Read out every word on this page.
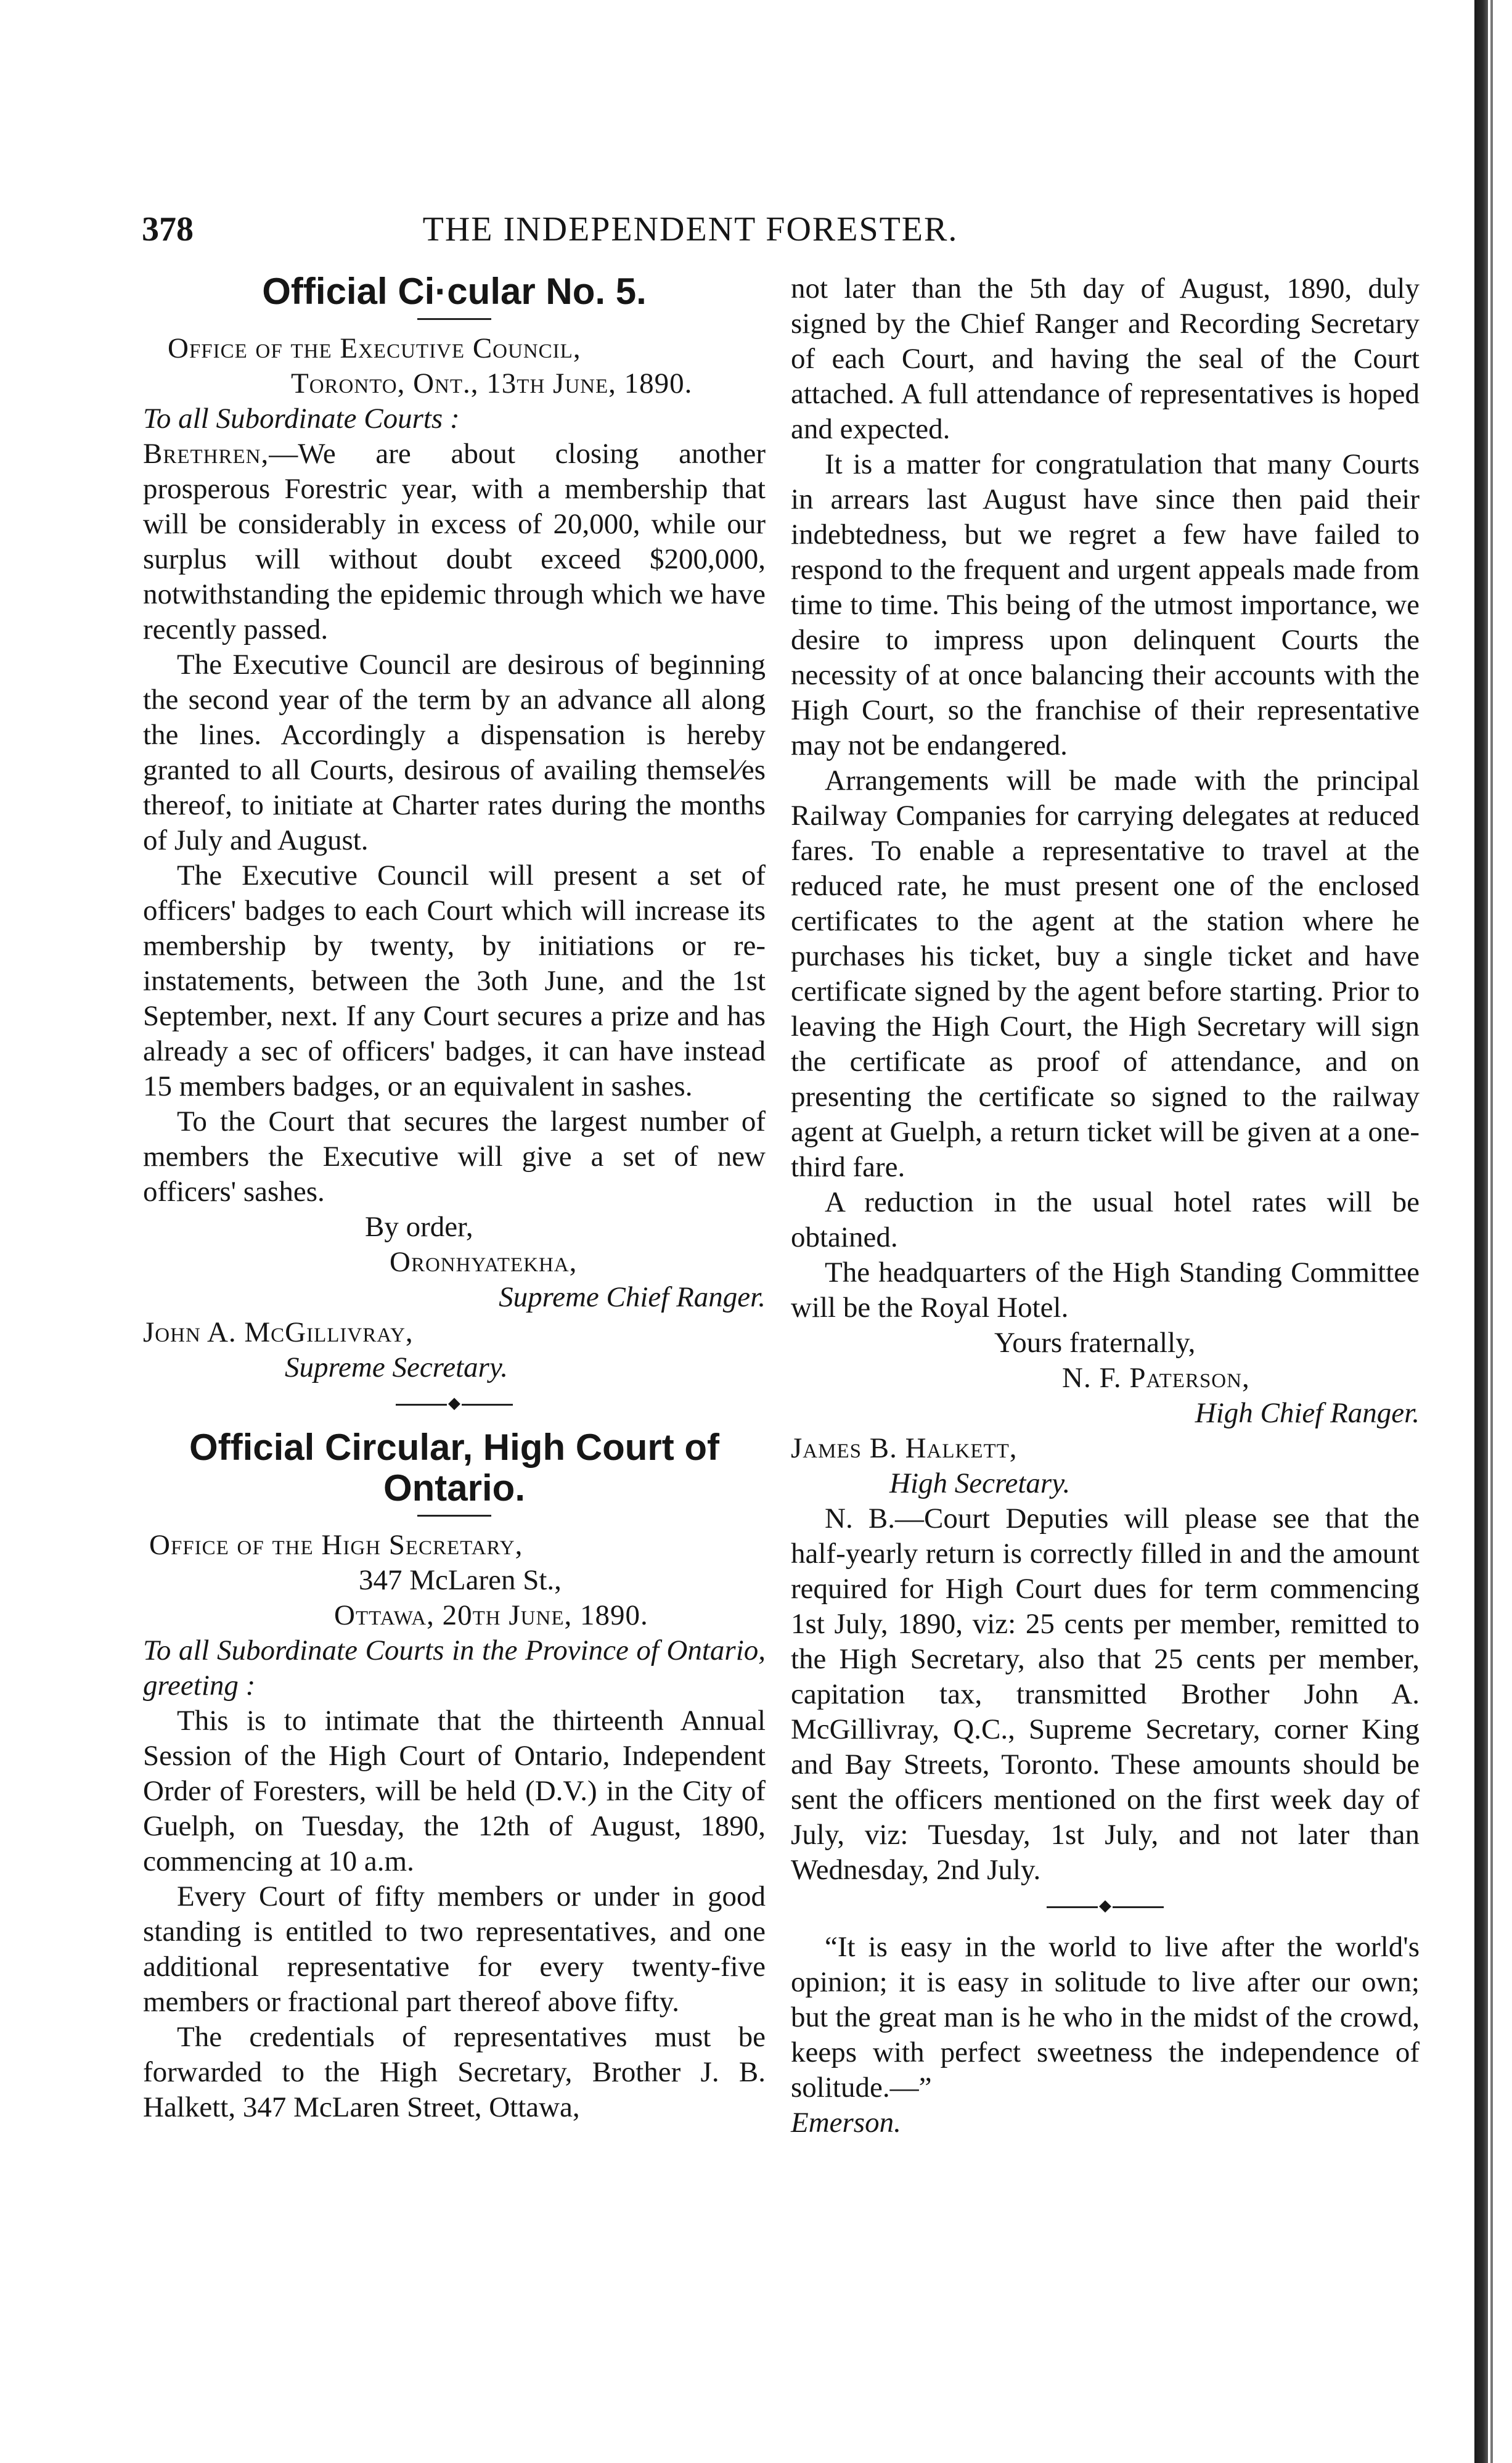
378	THE INDEPENDENT FORESTER.

Official Ci·cular No. 5.

Office of the Executive Council,

Toronto, Ont., 13th June, 1890.

To all Subordinate Courts :

Brethren,—We are about closing another prosperous Forestric year, with a membership that will be considerably in excess of 20,000, while our surplus will without doubt exceed $200,000, notwithstanding the epidemic through which we have recently passed.

The Executive Council are desirous of beginning the second year of the term by an advance all along the lines. Accordingly a dispensation is hereby granted to all Courts, desirous of availing themsel∕es thereof, to initiate at Charter rates during the months of July and August.

The Executive Council will present a set of officers' badges to each Court which will increase its membership by twenty, by initiations or re-instatements, between the 3oth June, and the 1st September, next. If any Court secures a prize and has already a sec of officers' badges, it can have instead 15 members badges, or an equivalent in sashes.

To the Court that secures the largest number of members the Executive will give a set of new officers' sashes.

By order,

Oronhyatekha,

Supreme Chief Ranger.

John A. McGillivray,

Supreme Secretary.

◆

Official Circular, High Court of Ontario.

Office of the High Secretary,

347 McLaren St.,

Ottawa, 20th June, 1890.

To all Subordinate Courts in the Province of Ontario, greeting :

This is to intimate that the thirteenth Annual Session of the High Court of Ontario, Independent Order of Foresters, will be held (D.V.) in the City of Guelph, on Tuesday, the 12th of August, 1890, commencing at 10 a.m.

Every Court of fifty members or under in good standing is entitled to two representatives, and one additional representative for every twenty-five members or fractional part thereof above fifty.

The credentials of representatives must be forwarded to the High Secretary, Brother J. B. Halkett, 347 McLaren Street, Ottawa,

not later than the 5th day of August, 1890, duly signed by the Chief Ranger and Recording Secretary of each Court, and having the seal of the Court attached. A full attendance of representatives is hoped and expected.

It is a matter for congratulation that many Courts in arrears last August have since then paid their indebtedness, but we regret a few have failed to respond to the frequent and urgent appeals made from time to time. This being of the utmost importance, we desire to impress upon delinquent Courts the necessity of at once balancing their accounts with the High Court, so the franchise of their representative may not be endangered.

Arrangements will be made with the principal Railway Companies for carrying delegates at reduced fares. To enable a representative to travel at the reduced rate, he must present one of the enclosed certificates to the agent at the station where he purchases his ticket, buy a single ticket and have certificate signed by the agent before starting. Prior to leaving the High Court, the High Secretary will sign the certificate as proof of attendance, and on presenting the certificate so signed to the railway agent at Guelph, a return ticket will be given at a one-third fare.

A reduction in the usual hotel rates will be obtained.

The headquarters of the High Standing Committee will be the Royal Hotel.

Yours fraternally,

N. F. Paterson,

High Chief Ranger.

James B. Halkett,

High Secretary.

N. B.—Court Deputies will please see that the half-yearly return is correctly filled in and the amount required for High Court dues for term commencing 1st July, 1890, viz: 25 cents per member, remitted to the High Secretary, also that 25 cents per member, capitation tax, transmitted Brother John A. McGillivray, Q.C., Supreme Secretary, corner King and Bay Streets, Toronto. These amounts should be sent the officers mentioned on the first week day of July, viz: Tuesday, 1st July, and not later than Wednesday, 2nd July.

◆

“It is easy in the world to live after the world's opinion; it is easy in solitude to live after our own; but the great man is he who in the midst of the crowd, keeps with perfect sweetness the independence of solitude.—”

Emerson.
